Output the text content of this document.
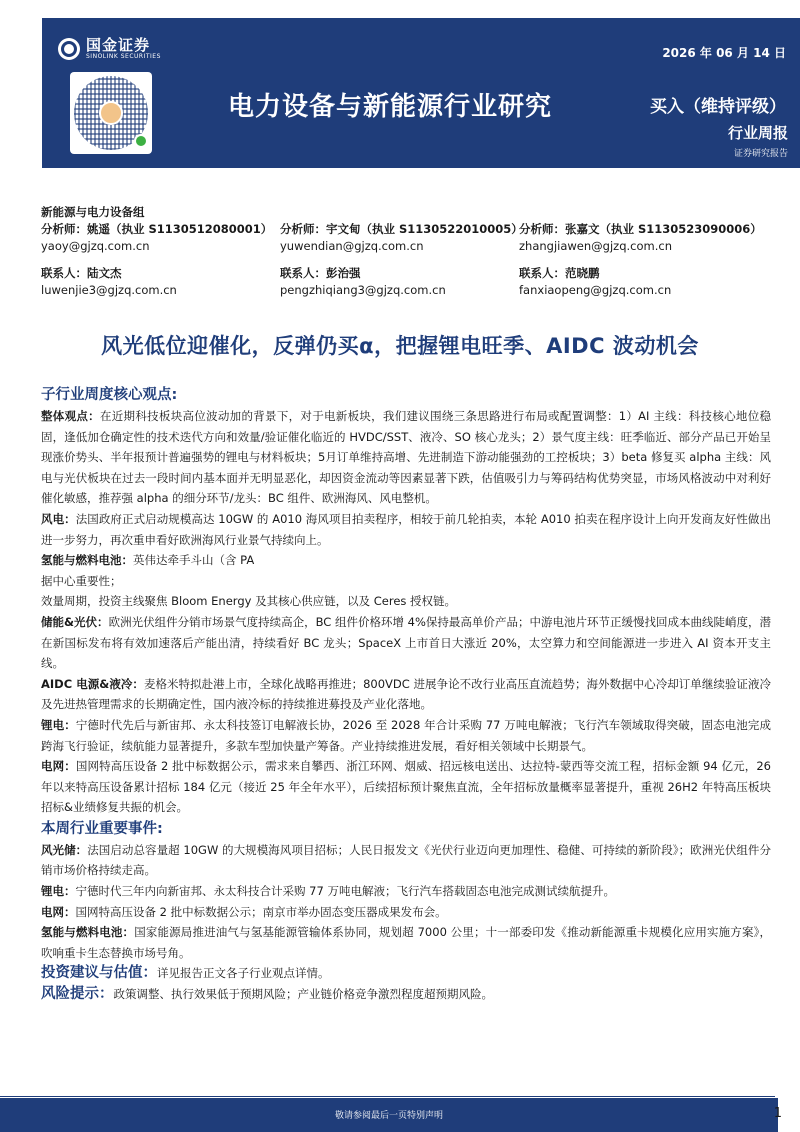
国金证券
SINOLINK SECURITIES	2026 年 06 月 14 日
电力设备与新能源行业研究	买入（维持评级）
行业周报
证券研究报告
新能源与电力设备组
分析师：姚遥（执业 S1130512080001）
yaoy@gjzq.com.cn
分析师：宇文甸（执业 S1130522010005）
yuwendian@gjzq.com.cn
分析师：张嘉文（执业 S1130523090006）
zhangjiawen@gjzq.com.cn
联系人：陆文杰
luwenjie3@gjzq.com.cn
联系人：彭治强
pengzhiqiang3@gjzq.com.cn
联系人：范晓鹏
fanxiaopeng@gjzq.com.cn
风光低位迎催化，反弹仍买α，把握锂电旺季、AIDC 波动机会
子行业周度核心观点:
整体观点：在近期科技板块高位波动加的背景下，对于电新板块，我们建议围绕三条思路进行布局或配置调整：1）AI 主线：科技核心地位稳固，逢低加仓确定性的技术迭代方向和效量/验证催化临近的 HVDC/SST、液冷、SO 核心龙头；2）景气度主线：旺季临近、部分产品已开始呈现涨价势头、半年报预计普遍强势的锂电与材料板块；5月订单维持高增、先进制造下游动能强劲的工控板块；3）beta 修复买 alpha 主线：风电与光伏板块在过去一段时间内基本面并无明显恶化，却因资金流动等因素显著下跌，估值吸引力与筹码结构优势突显，市场风格波动中对利好催化敏感，推荐强 alpha 的细分环节/龙头：BC 组件、欧洲海风、风电整机。
风电：法国政府正式启动规模高达 10GW 的 A010 海风项目拍卖程序，相较于前几轮拍卖，本轮 A010 拍卖在程序设计上向开发商友好性做出进一步努力，再次重申看好欧洲海风行业景气持续向上。
氢能与燃料电池：英伟达牵手斗山（含 PA
据中心重要性；
效量周期，投资主线聚焦 Bloom Energy 及其核心供应链，以及 Ceres 授权链。
储能&光伏：欧洲光伏组件分销市场景气度持续高企，BC 组件价格环增 4%保持最高单价产品；中游电池片环节正缓慢找回成本曲线陡峭度，潜在新国标发布将有效加速落后产能出清，持续看好 BC 龙头；SpaceX 上市首日大涨近 20%，太空算力和空间能源进一步进入 AI 资本开支主线。
AIDC 电源&液冷：麦格米特拟赴港上市，全球化战略再推进；800VDC 进展争论不改行业高压直流趋势；海外数据中心冷却订单继续验证液冷及先进热管理需求的长期确定性，国内液冷标的持续推进募投及产业化落地。
锂电：宁德时代先后与新宙邦、永太科技签订电解液长协，2026 至 2028 年合计采购 77 万吨电解液；飞行汽车领域取得突破，固态电池完成跨海飞行验证，续航能力显著提升，多款车型加快量产筹备。产业持续推进发展，看好相关领域中长期景气。
电网：国网特高压设备 2 批中标数据公示，需求来自攀西、浙江环网、烟威、招远核电送出、达拉特-蒙西等交流工程，招标金额 94 亿元，26 年以来特高压设备累计招标 184 亿元（接近 25 年全年水平），后续招标预计聚焦直流，全年招标放量概率显著提升，重视 26H2 年特高压板块招标&业绩修复共振的机会。
本周行业重要事件:
风光储：法国启动总容量超 10GW 的大规模海风项目招标；人民日报发文《光伏行业迈向更加理性、稳健、可持续的新阶段》；欧洲光伏组件分销市场价格持续走高。
锂电：宁德时代三年内向新宙邦、永太科技合计采购 77 万吨电解液；飞行汽车搭载固态电池完成测试续航提升。
电网：国网特高压设备 2 批中标数据公示；南京市举办固态变压器成果发布会。
氢能与燃料电池：国家能源局推进油气与氢基能源管输体系协同，规划超 7000 公里；十一部委印发《推动新能源重卡规模化应用实施方案》，吹响重卡生态替换市场号角。
投资建议与估值：详见报告正文各子行业观点详情。
风险提示：政策调整、执行效果低于预期风险；产业链价格竞争激烈程度超预期风险。
敬请参阅最后一页特别声明	1
